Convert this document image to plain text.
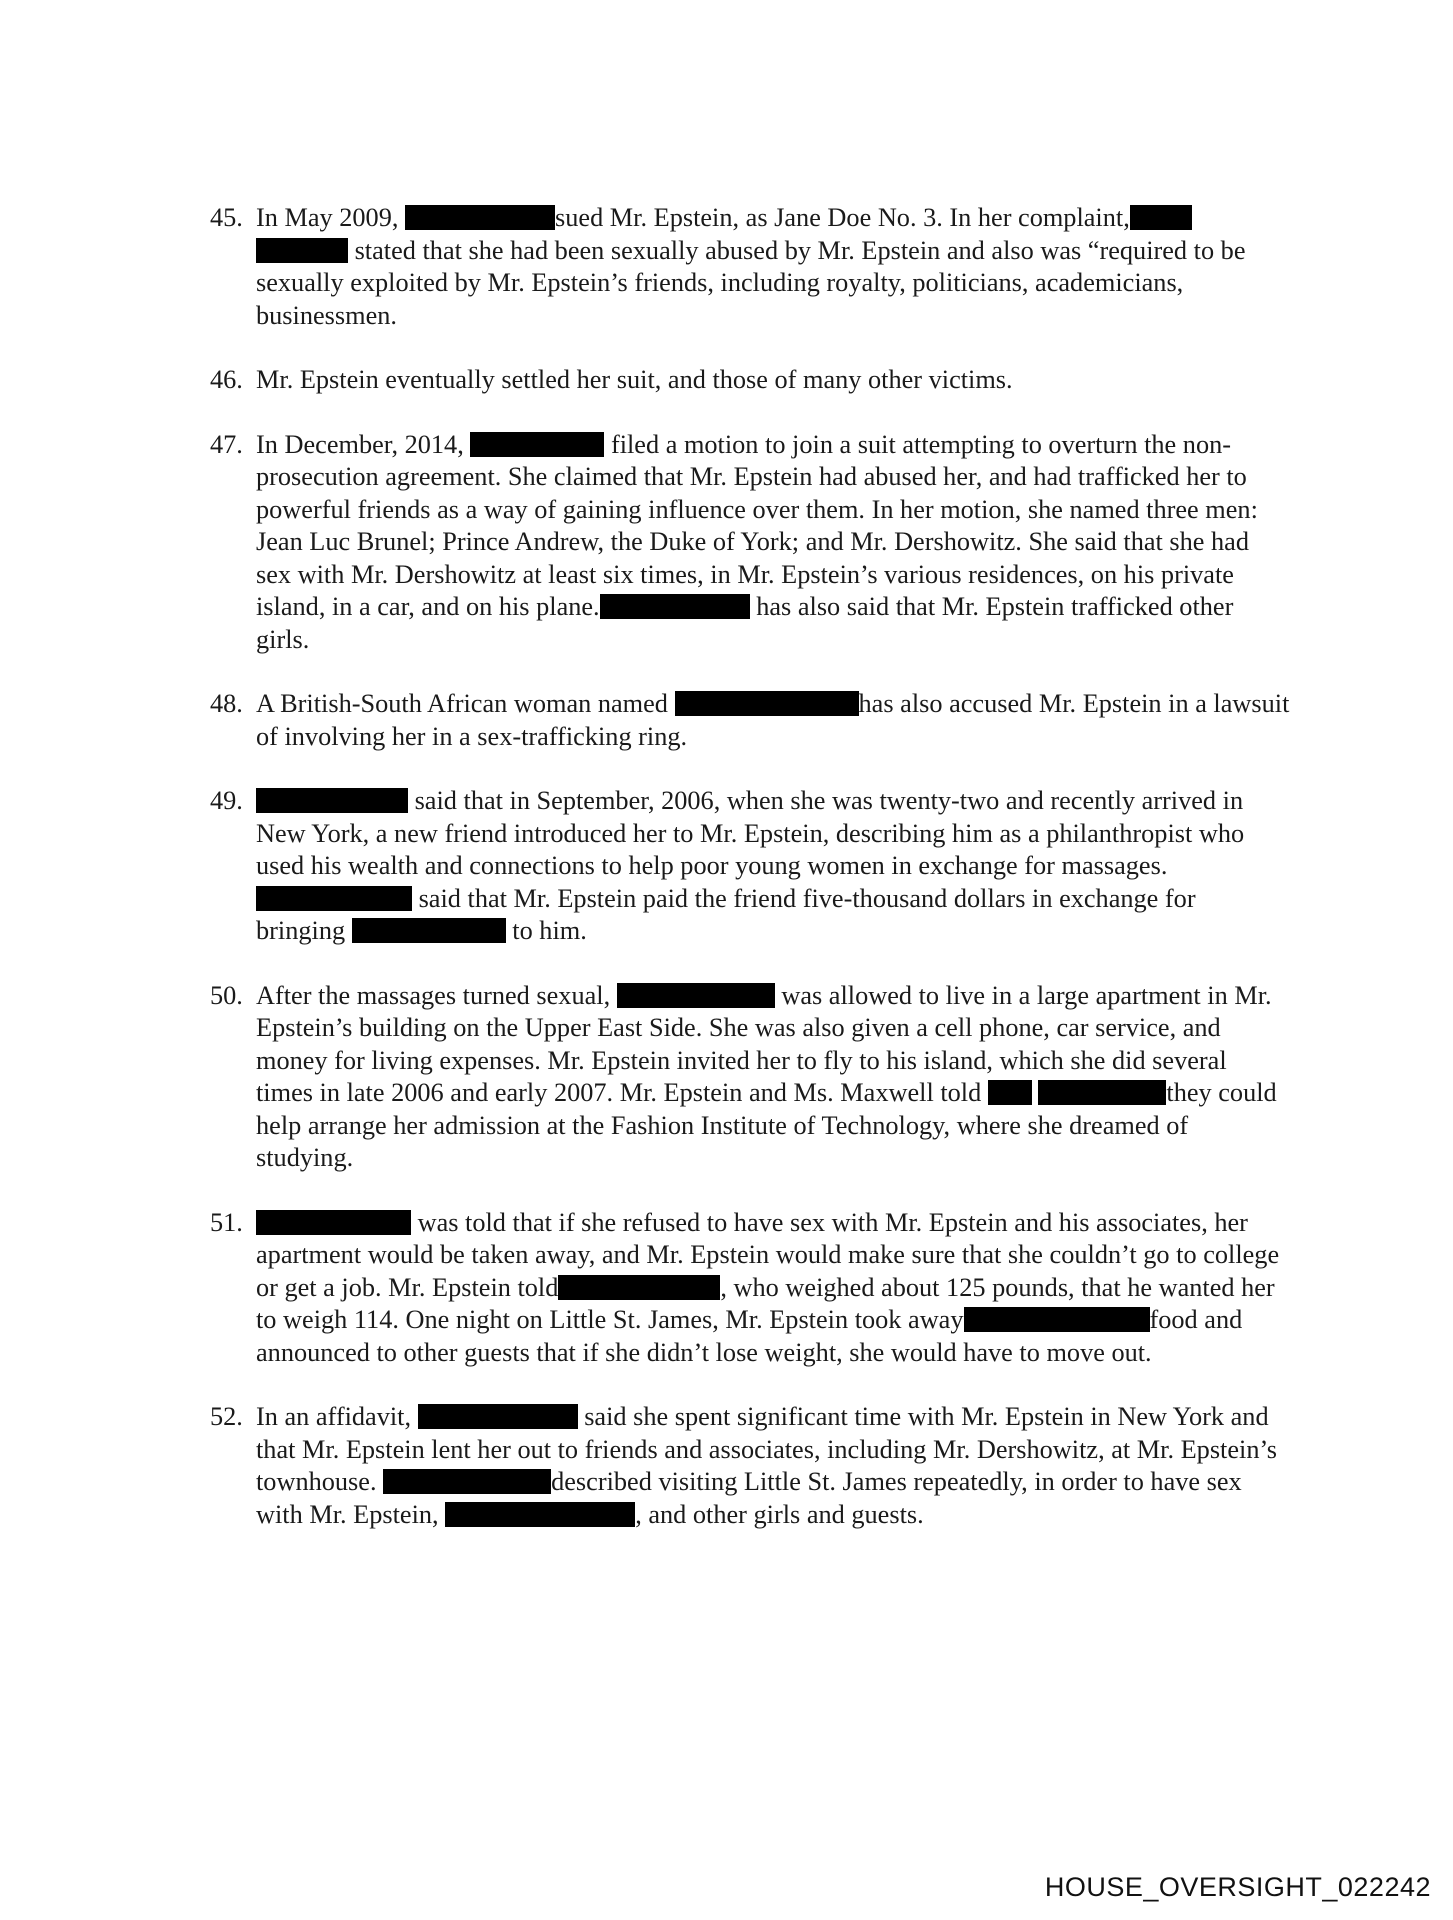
45. In May 2009,	sued Mr. Epstein, as Jane Doe No. 3. In her complaint,  stated that she had been sexually abused by Mr. Epstein and also was “required to be sexually exploited by Mr. Epstein’s friends, including royalty, politicians, academicians, businessmen.
46. Mr. Epstein eventually settled her suit, and those of many other victims.
47. In December, 2014,	filed a motion to join a suit attempting to overturn the non-prosecution agreement. She claimed that Mr. Epstein had abused her, and had trafficked her to powerful friends as a way of gaining influence over them. In her motion, she named three men: Jean Luc Brunel; Prince Andrew, the Duke of York; and Mr. Dershowitz. She said that she had sex with Mr. Dershowitz at least six times, in Mr. Epstein’s various residences, on his private island, in a car, and on his plane.	has also said that Mr. Epstein trafficked other girls.
48. A British-South African woman named	has also accused Mr. Epstein in a lawsuit of involving her in a sex-trafficking ring.
49.	said that in September, 2006, when she was twenty-two and recently arrived in New York, a new friend introduced her to Mr. Epstein, describing him as a philanthropist who used his wealth and connections to help poor young women in exchange for massages.  said that Mr. Epstein paid the friend five-thousand dollars in exchange for bringing	to him.
50. After the massages turned sexual,	was allowed to live in a large apartment in Mr. Epstein’s building on the Upper East Side. She was also given a cell phone, car service, and money for living expenses. Mr. Epstein invited her to fly to his island, which she did several times in late 2006 and early 2007. Mr. Epstein and Ms. Maxwell told	they could help arrange her admission at the Fashion Institute of Technology, where she dreamed of studying.
51.	was told that if she refused to have sex with Mr. Epstein and his associates, her apartment would be taken away, and Mr. Epstein would make sure that she couldn’t go to college or get a job. Mr. Epstein told	, who weighed about 125 pounds, that he wanted her to weigh 114. One night on Little St. James, Mr. Epstein took away	food and announced to other guests that if she didn’t lose weight, she would have to move out.
52. In an affidavit,	said she spent significant time with Mr. Epstein in New York and that Mr. Epstein lent her out to friends and associates, including Mr. Dershowitz, at Mr. Epstein’s townhouse.	described visiting Little St. James repeatedly, in order to have sex with Mr. Epstein,	, and other girls and guests.
HOUSE_OVERSIGHT_022242
